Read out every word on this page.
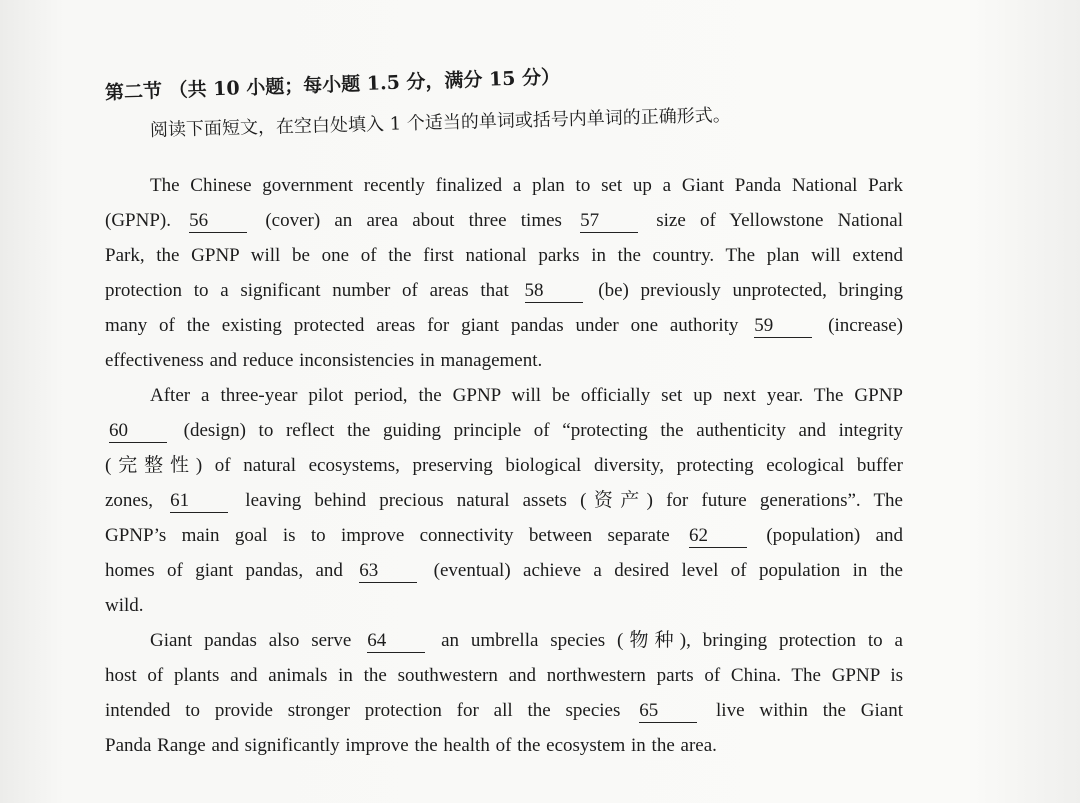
第二节 （共 10 小题；每小题 1.5 分，满分 15 分）
阅读下面短文，在空白处填入 1 个适当的单词或括号内单词的正确形式。
The Chinese government recently finalized a plan to set up a Giant Panda National Park
(GPNP). 56 (cover) an area about three times 57 size of Yellowstone National
Park, the GPNP will be one of the first national parks in the country. The plan will extend
protection to a significant number of areas that 58 (be) previously unprotected, bringing
many of the existing protected areas for giant pandas under one authority 59 (increase)
effectiveness and reduce inconsistencies in management.
After a three-year pilot period, the GPNP will be officially set up next year. The GPNP
60 (design) to reflect the guiding principle of “protecting the authenticity and integrity
(完整性) of natural ecosystems, preserving biological diversity, protecting ecological buffer
zones, 61 leaving behind precious natural assets (资产) for future generations”. The
GPNP’s main goal is to improve connectivity between separate 62 (population) and
homes of giant pandas, and 63 (eventual) achieve a desired level of population in the
wild.
Giant pandas also serve 64 an umbrella species (物种), bringing protection to a
host of plants and animals in the southwestern and northwestern parts of China. The GPNP is
intended to provide stronger protection for all the species 65 live within the Giant
Panda Range and significantly improve the health of the ecosystem in the area.
